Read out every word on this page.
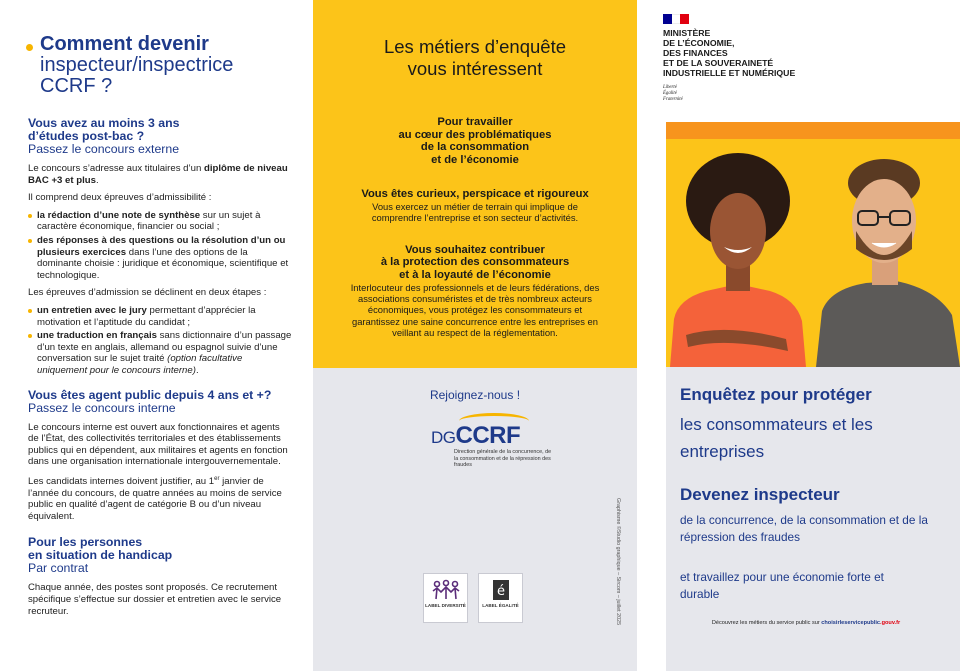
Comment devenir
inspecteur/inspectrice
CCRF ?
Vous avez au moins 3 ans
d’études post-bac ?
Passez le concours externe
Le concours s’adresse aux titulaires d’un diplôme de niveau BAC +3 et plus.
Il comprend deux épreuves d’admissibilité :
la rédaction d’une note de synthèse sur un sujet à caractère économique, financier ou social ;
des réponses à des questions ou la résolution d’un ou plusieurs exercices dans l’une des options de la dominante choisie : juridique et économique, scientifique et technologique.
Les épreuves d’admission se déclinent en deux étapes :
un entretien avec le jury permettant d’apprécier la motivation et l’aptitude du candidat ;
une traduction en français sans dictionnaire d’un passage d’un texte en anglais, allemand ou espagnol suivie d’une conversation sur le sujet traité (option facultative uniquement pour le concours interne).
Vous êtes agent public depuis 4 ans et +?
Passez le concours interne
Le concours interne est ouvert aux fonctionnaires et agents de l’État, des collectivités territoriales et des établissements publics qui en dépendent, aux militaires et agents en fonction dans une organisation internationale intergouvernementale.
Les candidats internes doivent justifier, au 1er janvier de l’année du concours, de quatre années au moins de service public en qualité d’agent de catégorie B ou d’un niveau équivalent.
Pour les personnes
en situation de handicap
Par contrat
Chaque année, des postes sont proposés. Ce recrutement spécifique s’effectue sur dossier et entretien avec le service recruteur.
Les métiers d’enquête
vous intéressent
Pour travailler
au cœur des problématiques
de la consommation
et de l’économie
Vous êtes curieux, perspicace et rigoureux
Vous exercez un métier de terrain qui implique de comprendre l’entreprise et son secteur d’activités.
Vous souhaitez contribuer
à la protection des consommateurs
et à la loyauté de l’économie
Interlocuteur des professionnels et de leurs fédérations, des associations consuméristes et de très nombreux acteurs économiques, vous protégez les consommateurs et garantissez une saine concurrence entre les entreprises en veillant au respect de la réglementation.
Rejoignez-nous !
DG CCRF
Direction générale de la concurrence, de la consommation et de la répression des fraudes
LABEL DIVERSITÉ
é
LABEL ÉGALITÉ	Graphisme ©Studio graphique – Sircom – juillet 2025
MINISTÈRE
DE L’ÉCONOMIE,
DES FINANCES
ET DE LA SOUVERAINETÉ
INDUSTRIELLE ET NUMÉRIQUE
Liberté
Égalité
Fraternité
Enquêtez pour protéger
les consommateurs et les entreprises
Devenez inspecteur
de la concurrence, de la consommation et de la répression des fraudes
et travaillez pour une économie forte et durable
Découvrez les métiers du service public sur choisirleservicepublic.gouv.fr
